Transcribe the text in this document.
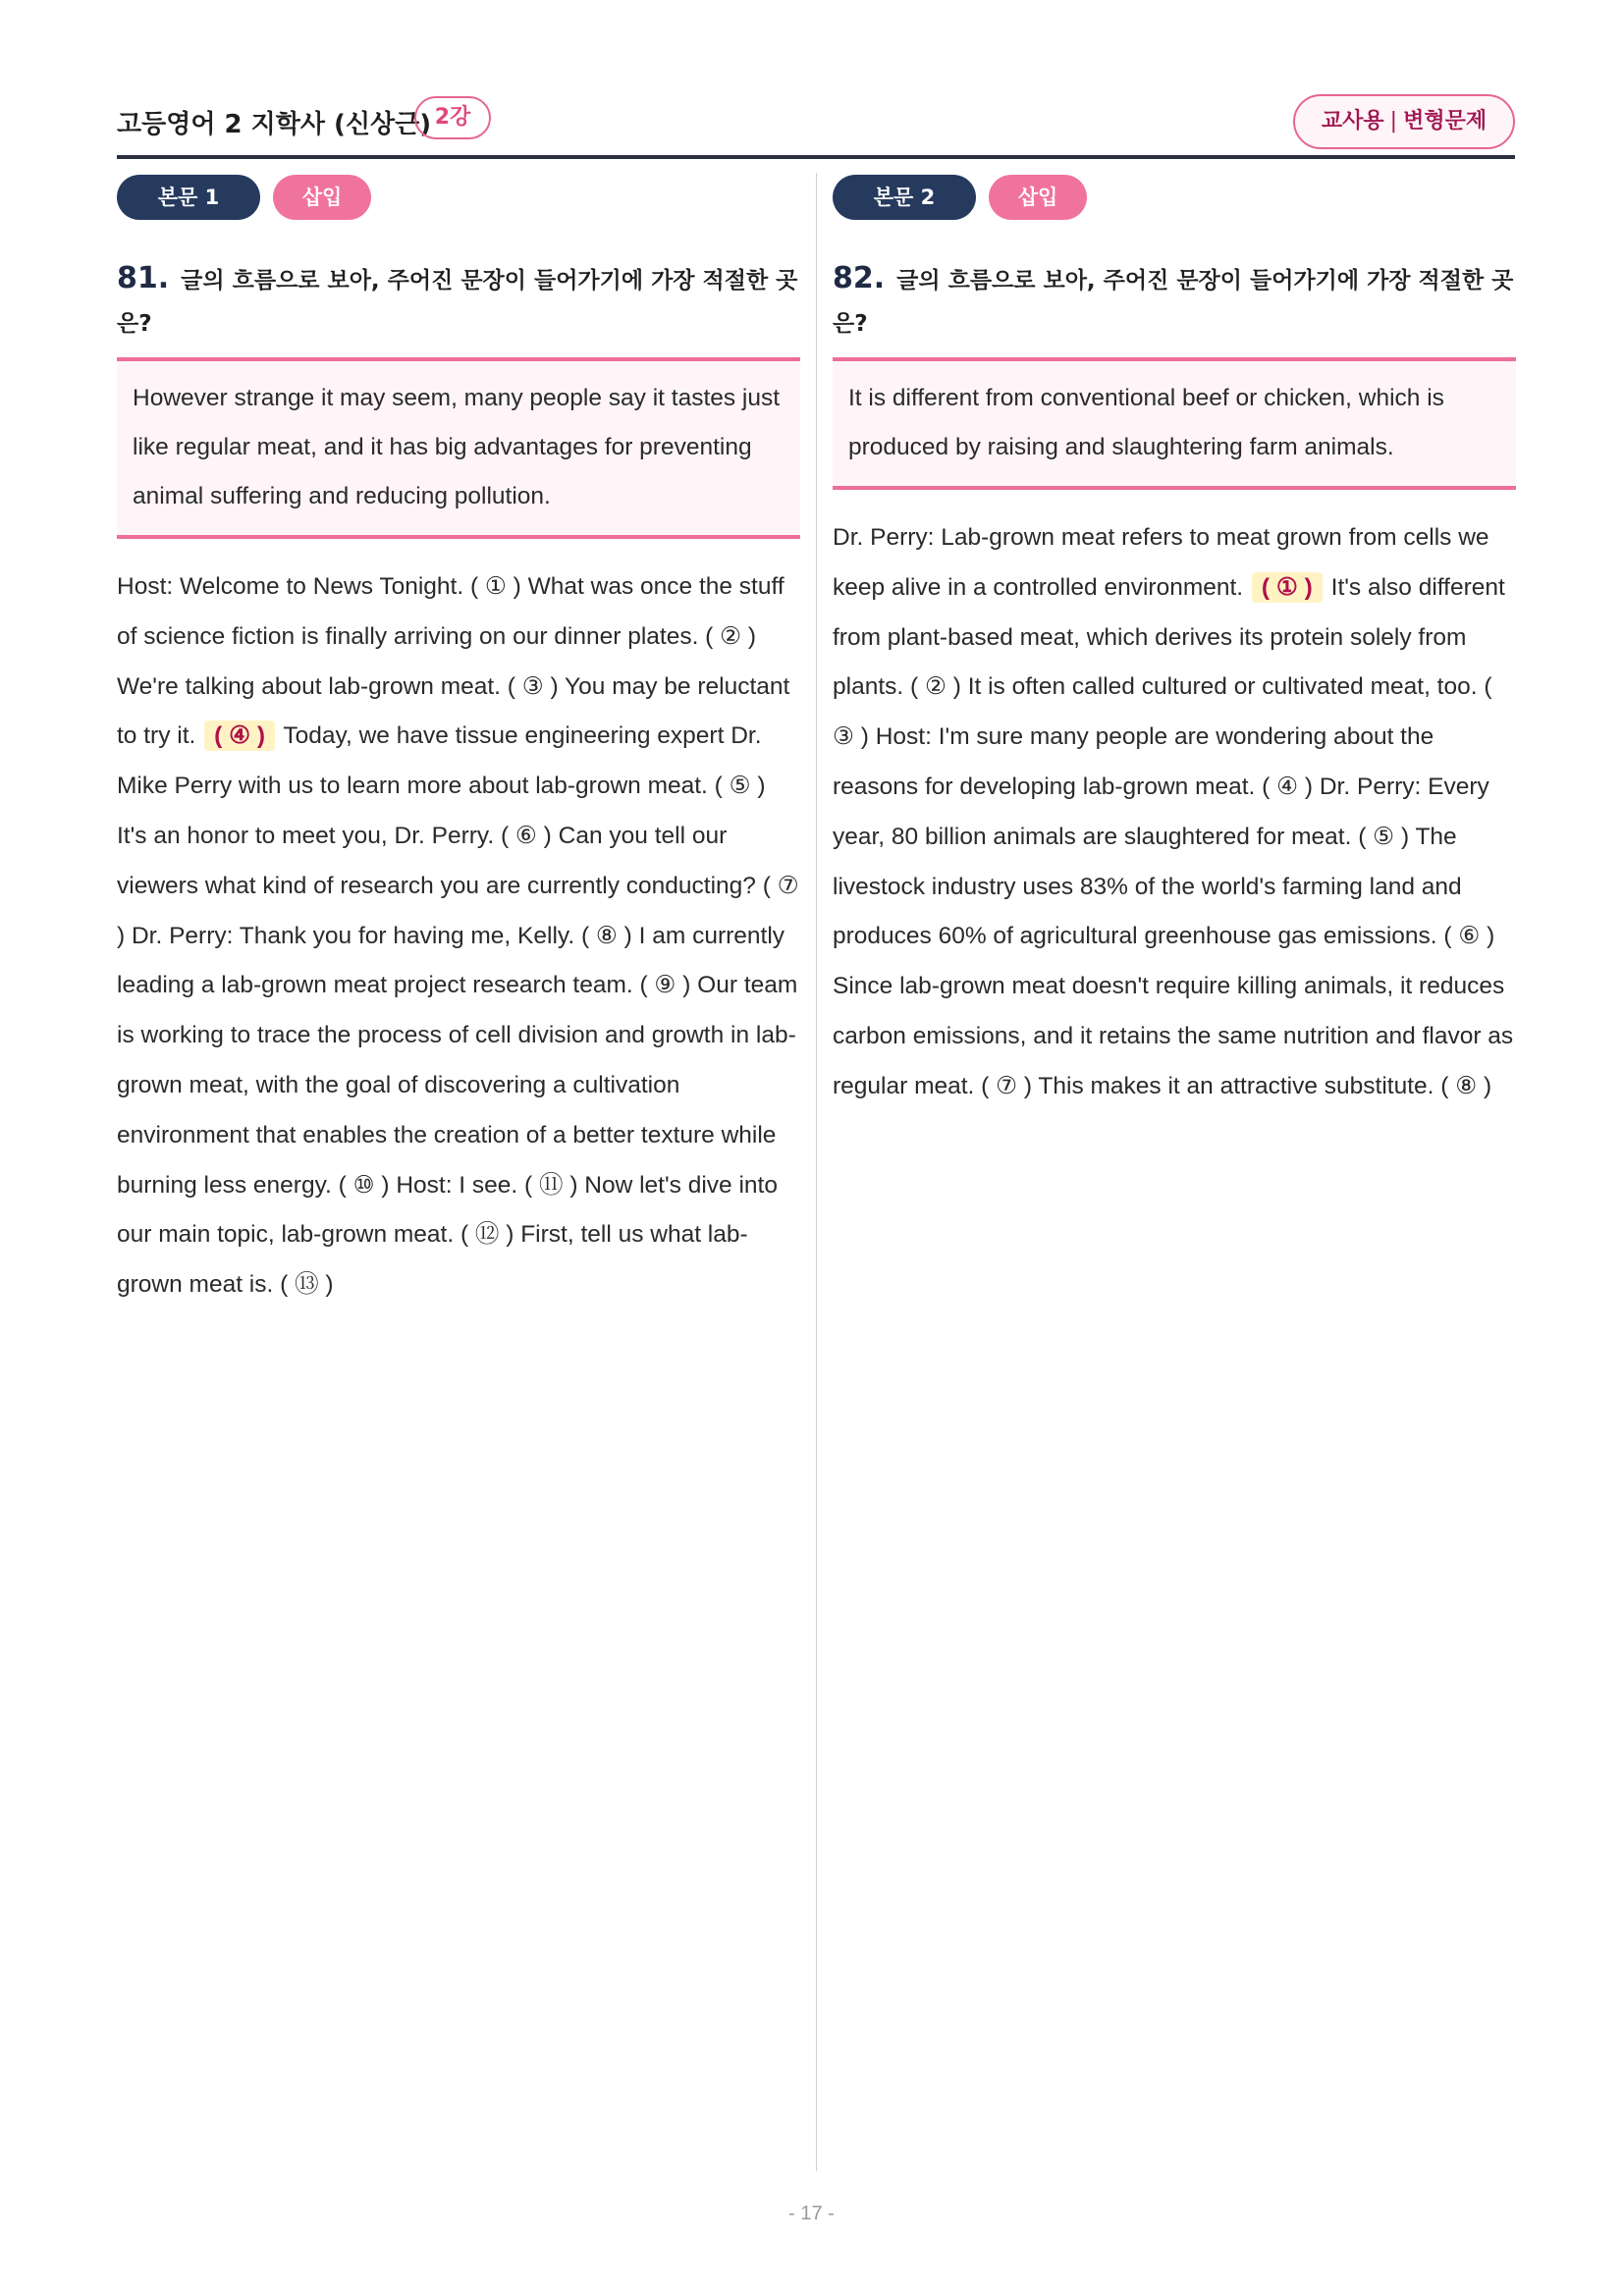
고등영어 2 지학사 (신상근) 2강	교사용 | 변형문제
본문 1	삽입
81. 글의 흐름으로 보아, 주어진 문장이 들어가기에 가장 적절한 곳은?
However strange it may seem, many people say it tastes just like regular meat, and it has big advantages for preventing animal suffering and reducing pollution.
Host: Welcome to News Tonight. ( ① ) What was once the stuff of science fiction is finally arriving on our dinner plates. ( ② ) We're talking about lab-grown meat. ( ③ ) You may be reluctant to try it. ( ④ ) Today, we have tissue engineering expert Dr. Mike Perry with us to learn more about lab-grown meat. ( ⑤ ) It's an honor to meet you, Dr. Perry. ( ⑥ ) Can you tell our viewers what kind of research you are currently conducting? ( ⑦ ) Dr. Perry: Thank you for having me, Kelly. ( ⑧ ) I am currently leading a lab-grown meat project research team. ( ⑨ ) Our team is working to trace the process of cell division and growth in lab-grown meat, with the goal of discovering a cultivation environment that enables the creation of a better texture while burning less energy. ( ⑩ ) Host: I see. ( ⑪ ) Now let's dive into our main topic, lab-grown meat. ( ⑫ ) First, tell us what lab-grown meat is. ( ⑬ )
본문 2	삽입
82. 글의 흐름으로 보아, 주어진 문장이 들어가기에 가장 적절한 곳은?
It is different from conventional beef or chicken, which is produced by raising and slaughtering farm animals.
Dr. Perry: Lab-grown meat refers to meat grown from cells we keep alive in a controlled environment. ( ① ) It's also different from plant-based meat, which derives its protein solely from plants. ( ② ) It is often called cultured or cultivated meat, too. ( ③ ) Host: I'm sure many people are wondering about the reasons for developing lab-grown meat. ( ④ ) Dr. Perry: Every year, 80 billion animals are slaughtered for meat. ( ⑤ ) The livestock industry uses 83% of the world's farming land and produces 60% of agricultural greenhouse gas emissions. ( ⑥ ) Since lab-grown meat doesn't require killing animals, it reduces carbon emissions, and it retains the same nutrition and flavor as regular meat. ( ⑦ ) This makes it an attractive substitute. ( ⑧ )
- 17 -
